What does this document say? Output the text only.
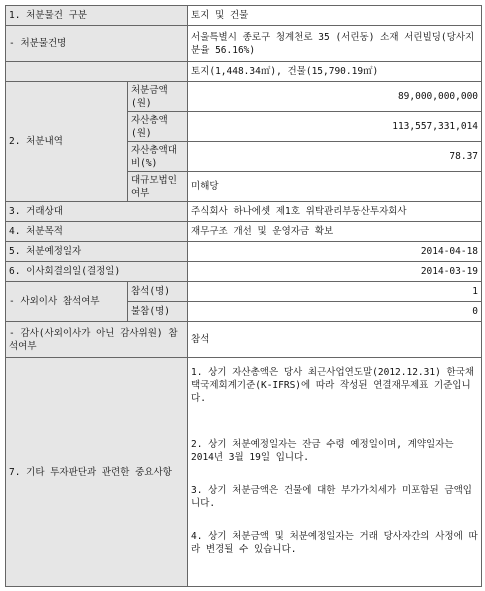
1. 처분물건 구분		토지 및 건물
- 처분물건명		서울특별시 종로구 청계천로 35 (서린동) 소재 서린빌딩(당사지분율 56.16%)
		토지(1,448.34㎡), 건물(15,790.19㎡)
2. 처분내역	처분금액(원)	89,000,000,000
	자산총액(원)	113,557,331,014
	자산총액대비(%)	78.37
	대규모법인여부	미해당
3. 거래상대		주식회사 하나에셋 제1호 위탁관리부동산투자회사
4. 처분목적		재무구조 개선 및 운영자금 확보
5. 처분예정일자		2014-04-18
6. 이사회결의일(결정일)		2014-03-19
- 사외이사 참석여부	참석(명)	1
	불참(명)	0
- 감사(사외이사가 아닌 감사위원) 참석여부		참석
7. 기타 투자판단과 관련한 중요사항		1. 상기 자산총액은 당사 최근사업연도말(2012.12.31) 한국채택국제회계기준(K-IFRS)에 따라 작성된 연결재무제표 기준입니다.
2. 상기 처분예정일자는 잔금 수령 예정일이며, 계약일자는 2014년 3월 19일 입니다.
3. 상기 처분금액은 건물에 대한 부가가치세가 미포함된 금액입니다.
4. 상기 처분금액 및 처분예정일자는 거래 당사자간의 사정에 따라 변경될 수 있습니다.
